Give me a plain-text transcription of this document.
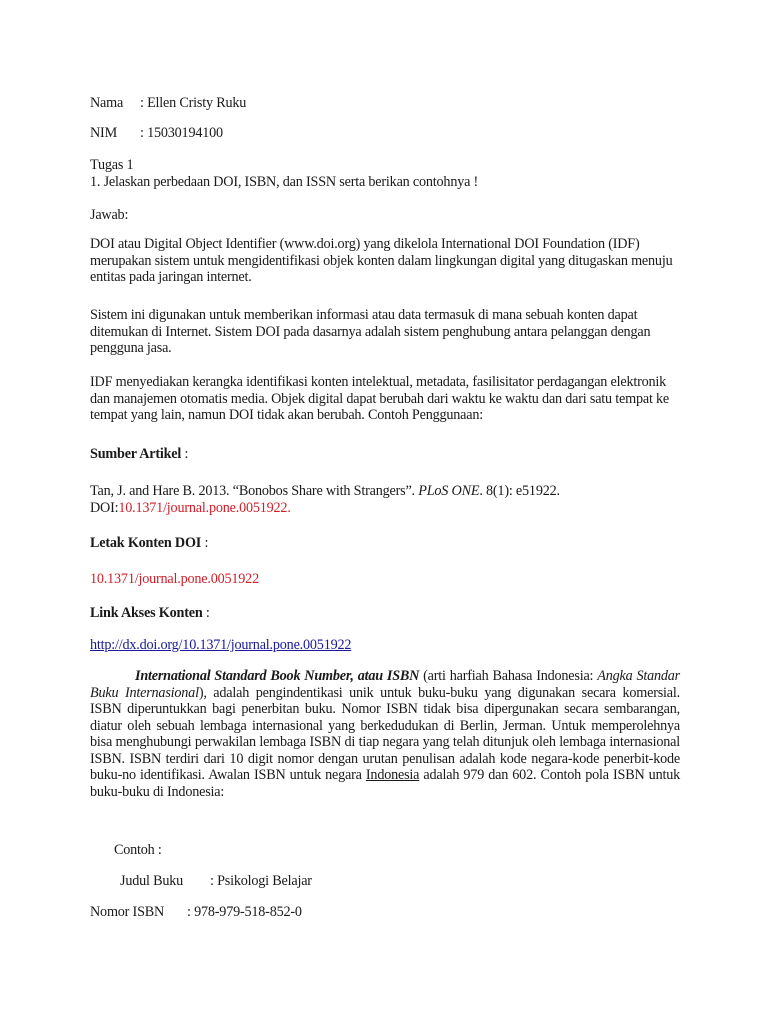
Nama : Ellen Cristy Ruku
NIM : 15030194100
Tugas 1
1. Jelaskan perbedaan DOI, ISBN, dan ISSN serta berikan contohnya !
Jawab:
DOI atau Digital Object Identifier (www.doi.org) yang dikelola International DOI Foundation (IDF) merupakan sistem untuk mengidentifikasi objek konten dalam lingkungan digital yang ditugaskan menuju entitas pada jaringan internet.
Sistem ini digunakan untuk memberikan informasi atau data termasuk di mana sebuah konten dapat ditemukan di Internet. Sistem DOI pada dasarnya adalah sistem penghubung antara pelanggan dengan pengguna jasa.
IDF menyediakan kerangka identifikasi konten intelektual, metadata, fasilisitator perdagangan elektronik dan manajemen otomatis media. Objek digital dapat berubah dari waktu ke waktu dan dari satu tempat ke tempat yang lain, namun DOI tidak akan berubah. Contoh Penggunaan:
Sumber Artikel :
Tan, J. and Hare B. 2013. “Bonobos Share with Strangers”. PLoS ONE. 8(1): e51922.
DOI:10.1371/journal.pone.0051922.
Letak Konten DOI :
10.1371/journal.pone.0051922
Link Akses Konten :
http://dx.doi.org/10.1371/journal.pone.0051922
International Standard Book Number, atau ISBN (arti harfiah Bahasa Indonesia: Angka Standar Buku Internasional), adalah pengindentikasi unik untuk buku-buku yang digunakan secara komersial. ISBN diperuntukkan bagi penerbitan buku. Nomor ISBN tidak bisa dipergunakan secara sembarangan, diatur oleh sebuah lembaga internasional yang berkedudukan di Berlin, Jerman. Untuk memperolehnya bisa menghubungi perwakilan lembaga ISBN di tiap negara yang telah ditunjuk oleh lembaga internasional ISBN. ISBN terdiri dari 10 digit nomor dengan urutan penulisan adalah kode negara-kode penerbit-kode buku-no identifikasi. Awalan ISBN untuk negara Indonesia adalah 979 dan 602. Contoh pola ISBN untuk buku-buku di Indonesia:
Contoh :
Judul Buku : Psikologi Belajar
Nomor ISBN : 978-979-518-852-0
